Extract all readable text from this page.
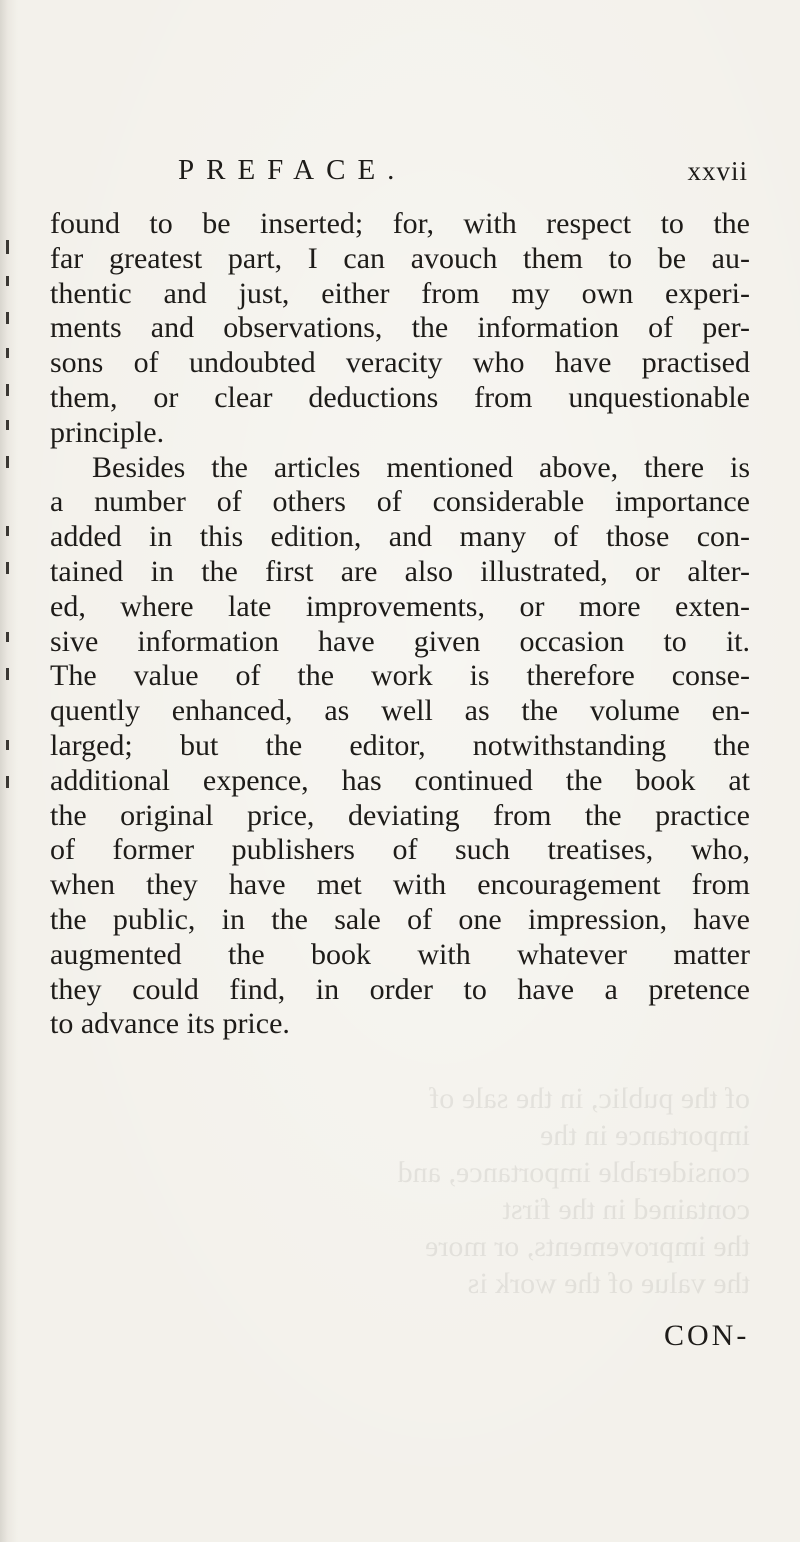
of the public, in the sale of
importance in the
considerable importance, and
contained in the first
the improvements, or more
the value of the work is
PREFACE.	xxvii
found to be inserted; for, with respect to the
far greatest part, I can avouch them to be au-
thentic and just, either from my own experi-
ments and observations, the information of per-
sons of undoubted veracity who have practised
them, or clear deductions from unquestionable
principle.
Besides the articles mentioned above, there is
a number of others of considerable importance
added in this edition, and many of those con-
tained in the first are also illustrated, or alter-
ed, where late improvements, or more exten-
sive information have given occasion to it.
The value of the work is therefore conse-
quently enhanced, as well as the volume en-
larged; but the editor, notwithstanding the
additional expence, has continued the book at
the original price, deviating from the practice
of former publishers of such treatises, who,
when they have met with encouragement from
the public, in the sale of one impression, have
augmented the book with whatever matter
they could find, in order to have a pretence
to advance its price.
CON-
